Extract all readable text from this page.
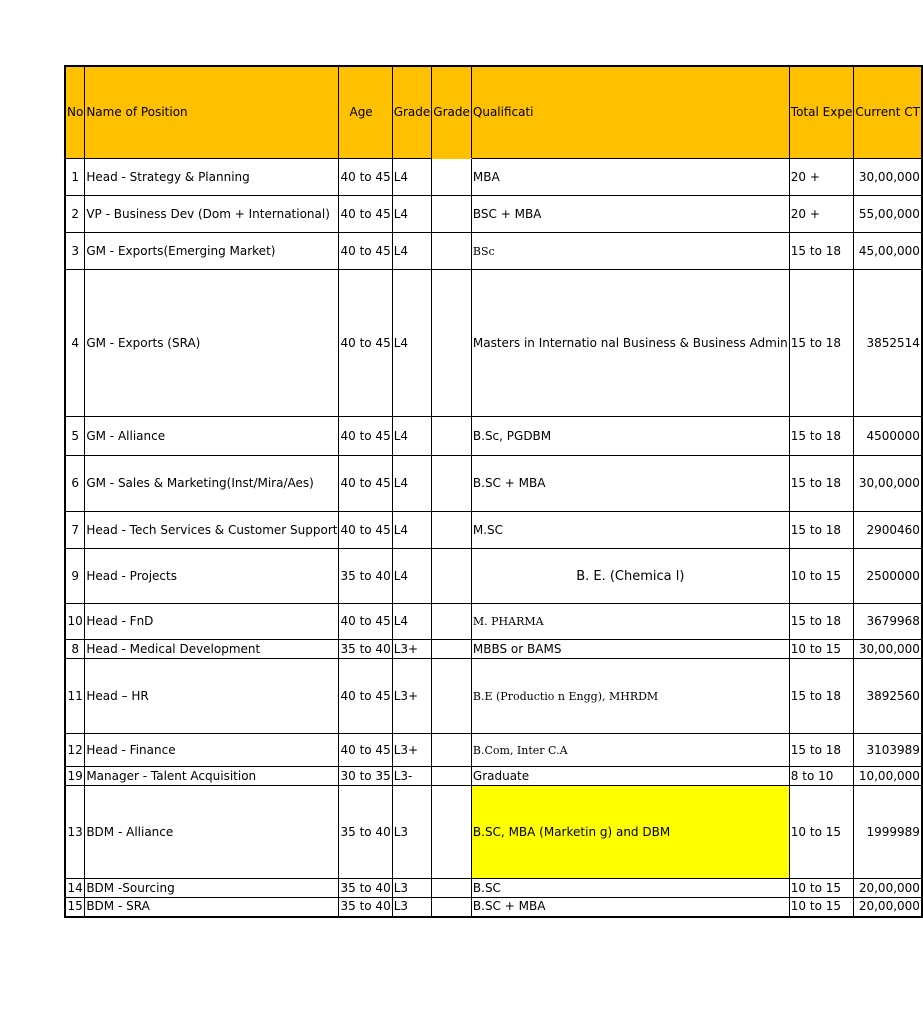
No	Name of Position	Age	Grade	Grade	Qualificati	Total Expe	Current CT
1	Head - Strategy & Planning	40 to 45	L4		MBA	20 +	30,00,000
2	VP - Business Dev (Dom + International)	40 to 45	L4		BSC + MBA	20 +	55,00,000
3	GM - Exports(Emerging Market)	40 to 45	L4		BSc	15 to 18	45,00,000
4	GM - Exports (SRA)	40 to 45	L4		Masters in Internatio nal Business & Business Admin	15 to 18	3852514
5	GM - Alliance	40 to 45	L4		B.Sc, PGDBM	15 to 18	4500000
6	GM - Sales & Marketing(Inst/Mira/Aes)	40 to 45	L4		B.SC + MBA	15 to 18	30,00,000
7	Head - Tech Services & Customer Support	40 to 45	L4		M.SC	15 to 18	2900460
9	Head - Projects	35 to 40	L4		B. E. (Chemica l)	10 to 15	2500000
10	Head - FnD	40 to 45	L4		M. PHARMA	15 to 18	3679968
8	Head - Medical Development	35 to 40	L3+		MBBS or BAMS	10 to 15	30,00,000
11	Head – HR	40 to 45	L3+		B.E (Productio n Engg), MHRDM	15 to 18	3892560
12	Head - Finance	40 to 45	L3+		B.Com, Inter C.A	15 to 18	3103989
19	Manager - Talent Acquisition	30 to 35	L3-		Graduate	8 to 10	10,00,000
13	BDM - Alliance	35 to 40	L3		B.SC, MBA (Marketin g) and DBM	10 to 15	1999989
14	BDM -Sourcing	35 to 40	L3		B.SC	10 to 15	20,00,000
15	BDM - SRA	35 to 40	L3		B.SC + MBA	10 to 15	20,00,000
